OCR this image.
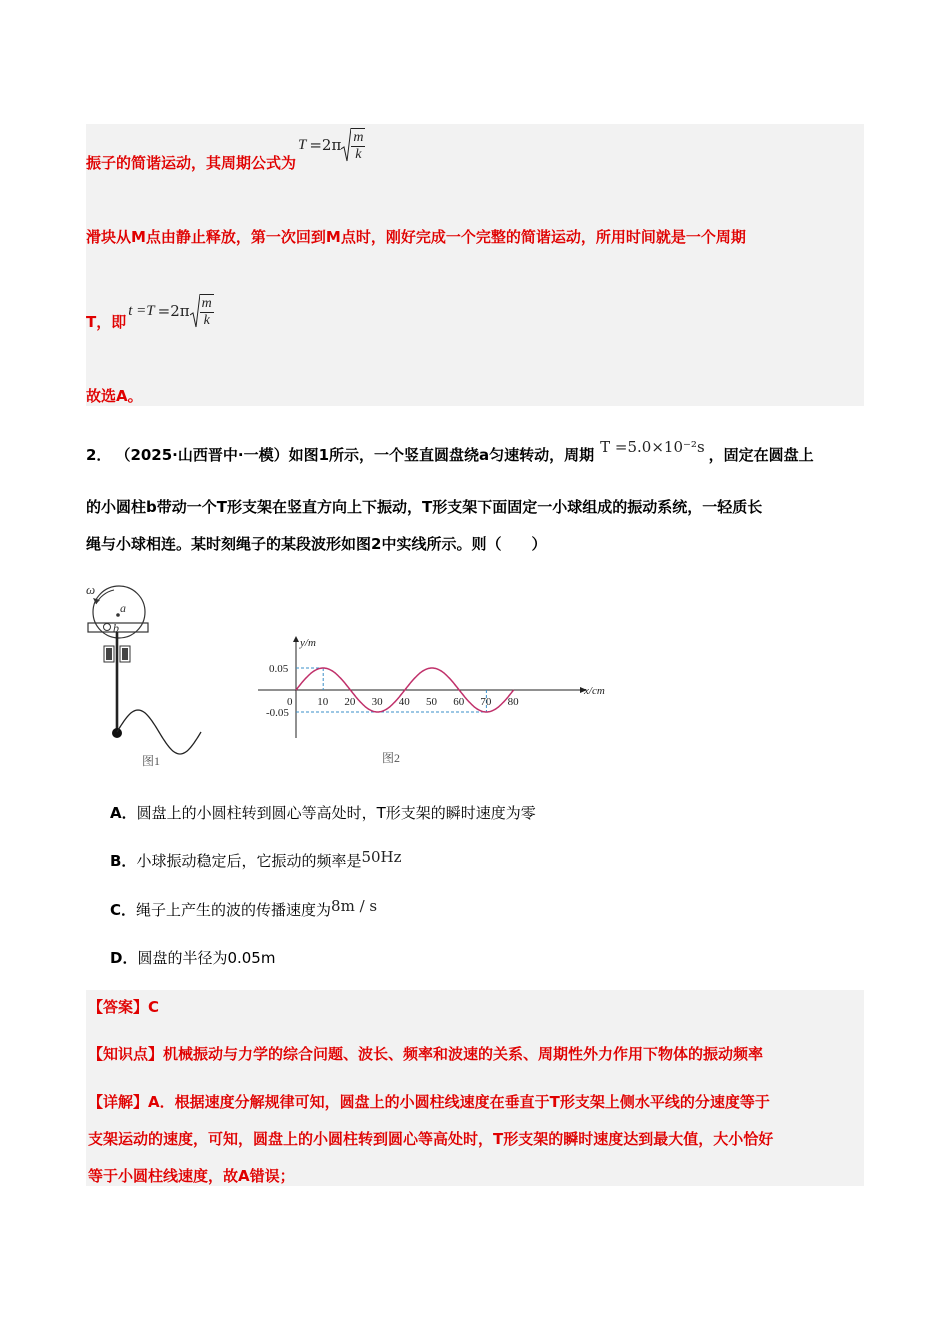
振子的简谐运动，其周期公式为
$T =2\pi \frac{m}{k}$
滑块从M点由静止释放，第一次回到M点时，刚好完成一个完整的简谐运动，所用时间就是一个周期
T，即
$t =T =2\pi \frac{m}{k}$
故选A。
2． （2025·山西晋中·一模） 如图1所示，一个竖直圆盘绕a匀速转动，周期 T =5.0×10⁻²s ，固定在圆盘上
的小圆柱b带动一个T形支架在竖直方向上下振动，T形支架下面固定一小球组成的振动系统，一轻质长
绳与小球相连。某时刻绳子的某段波形如图2中实线所示。则（　　）
ω
a
b
图1
10 20 30 40 50 60 70 80
0.05
-0.05
y/m
x/cm
0
图2
A．圆盘上的小圆柱转到圆心等高处时，T形支架的瞬时速度为零
B．小球振动稳定后，它振动的频率是50Hz
C．绳子上产生的波的传播速度为8m / s
D．圆盘的半径为0.05m
【答案】C
【知识点】机械振动与力学的综合问题、波长、频率和波速的关系、周期性外力作用下物体的振动频率
【详解】A．根据速度分解规律可知，圆盘上的小圆柱线速度在垂直于T形支架上侧水平线的分速度等于
支架运动的速度，可知，圆盘上的小圆柱转到圆心等高处时，T形支架的瞬时速度达到最大值，大小恰好
等于小圆柱线速度，故A错误；
